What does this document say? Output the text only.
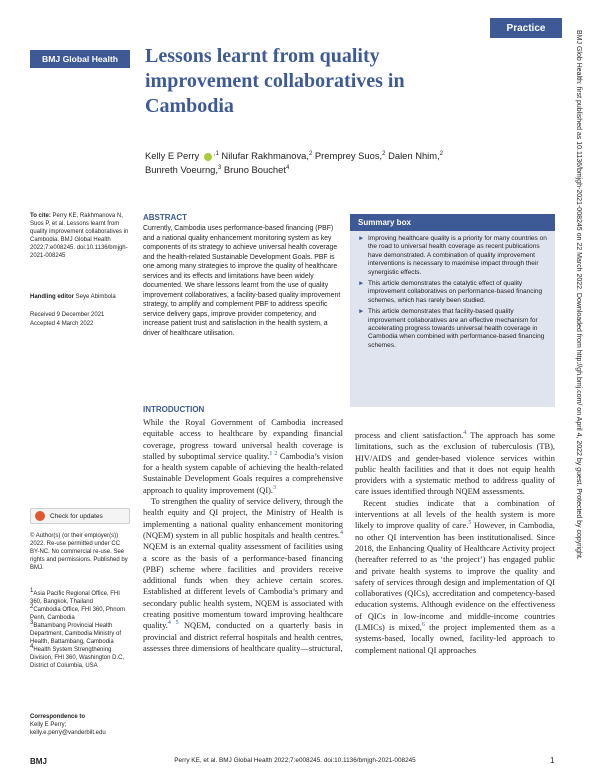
Practice
BMJ Global Health	Lessons learnt from quality improvement collaboratives in Cambodia
Kelly E Perry $^{,1}$ Nilufar Rakhmanova,$^2$ Premprey Suos,$^2$ Dalen Nhim,$^2$
Bunreth Voeurng,$^3$ Bruno Bouchet$^4$
To cite: Perry KE, Rakhmanova N, Suos P, et al. Lessons learnt from quality improvement collaboratives in Cambodia. BMJ Global Health 2022;7:e008245. doi:10.1136/bmjgh-2021-008245
Handling editor Seye Abimbola
Received 9 December 2021
Accepted 4 March 2022
Check for updates
© Author(s) (or their employer(s)) 2022. Re-use permitted under CC BY-NC. No commercial re-use. See rights and permissions. Published by BMJ.
$^1$Asia Pacific Regional Office, FHI 360, Bangkok, Thailand
$^2$Cambodia Office, FHI 360, Phnom Penh, Cambodia
$^3$Battambang Provincial Health Department, Cambodia Ministry of Health, Battambang, Cambodia
$^4$Health System Strengthening Division, FHI 360, Washington D.C, District of Columbia, USA
Correspondence to
Kelly E Perry;
kelly.e.perry@vanderbilt.edu
ABSTRACT
Currently, Cambodia uses performance-based financing (PBF) and a national quality enhancement monitoring system as key components of its strategy to achieve universal health coverage and the health-related Sustainable Development Goals. PBF is one among many strategies to improve the quality of healthcare services and its effects and limitations have been widely documented. We share lessons learnt from the use of quality improvement collaboratives, a facility-based quality improvement strategy, to amplify and complement PBF to address specific service delivery gaps, improve provider competency, and increase patient trust and satisfaction in the health system, a driver of healthcare utilisation.
Summary box
► Improving healthcare quality is a priority for many countries on the road to universal health coverage as recent publications have demonstrated. A combination of quality improvement interventions is necessary to maximise impact through their synergistic effects.
► This article demonstrates the catalytic effect of quality improvement collaboratives on performance-based financing schemes, which has rarely been studied.
► This article demonstrates that facility-based quality improvement collaboratives are an effective mechanism for accelerating progress towards universal health coverage in Cambodia when combined with performance-based financing schemes.
INTRODUCTION

While the Royal Government of Cambodia increased equitable access to healthcare by expanding financial coverage, progress toward universal health coverage is stalled by suboptimal service quality.$^{1 2}$ Cambodia’s vision for a health system capable of achieving the health-related Sustainable Development Goals requires a comprehensive approach to quality improvement (QI).$^3$

To strengthen the quality of service delivery, through the health equity and QI project, the Ministry of Health is implementing a national quality enhancement monitoring (NQEM) system in all public hospitals and health centres.$^4$ NQEM is an external quality assessment of facilities using a score as the basis of a performance-based financing (PBF) scheme where facilities and providers receive additional funds when they achieve certain scores. Established at different levels of Cambodia’s primary and secondary public health system, NQEM is associated with creating positive momentum toward improving healthcare quality.$^{4 5}$ NQEM, conducted on a quarterly basis in provincial and district referral hospitals and health centres, assesses three dimensions of healthcare quality—structural,

process and client satisfaction.$^4$ The approach has some limitations, such as the exclusion of tuberculosis (TB), HIV/AIDS and gender-based violence services within public health facilities and that it does not equip health providers with a systematic method to address quality of care issues identified through NQEM assessments.

Recent studies indicate that a combination of interventions at all levels of the health system is more likely to improve quality of care.$^5$ However, in Cambodia, no other QI intervention has been institutionalised. Since 2018, the Enhancing Quality of Healthcare Activity project (hereafter referred to as ‘the project’) has engaged public and private health systems to improve the quality and safety of services through design and implementation of QI collaboratives (QICs), accreditation and competency-based education systems. Although evidence on the effectiveness of QICs in low-income and middle-income countries (LMICs) is mixed,$^6$ the project implemented them as a systems-based, locally owned, facility-led approach to complement national QI approaches

BMJ Glob Health: first published as 10.1136/bmjgh-2021-008245 on 22 March 2022. Downloaded from http://gh.bmj.com/ on April 4, 2022 by guest. Protected by copyright.
BMJ	Perry KE, et al. BMJ Global Health 2022;7:e008245. doi:10.1136/bmjgh-2021-008245	1
